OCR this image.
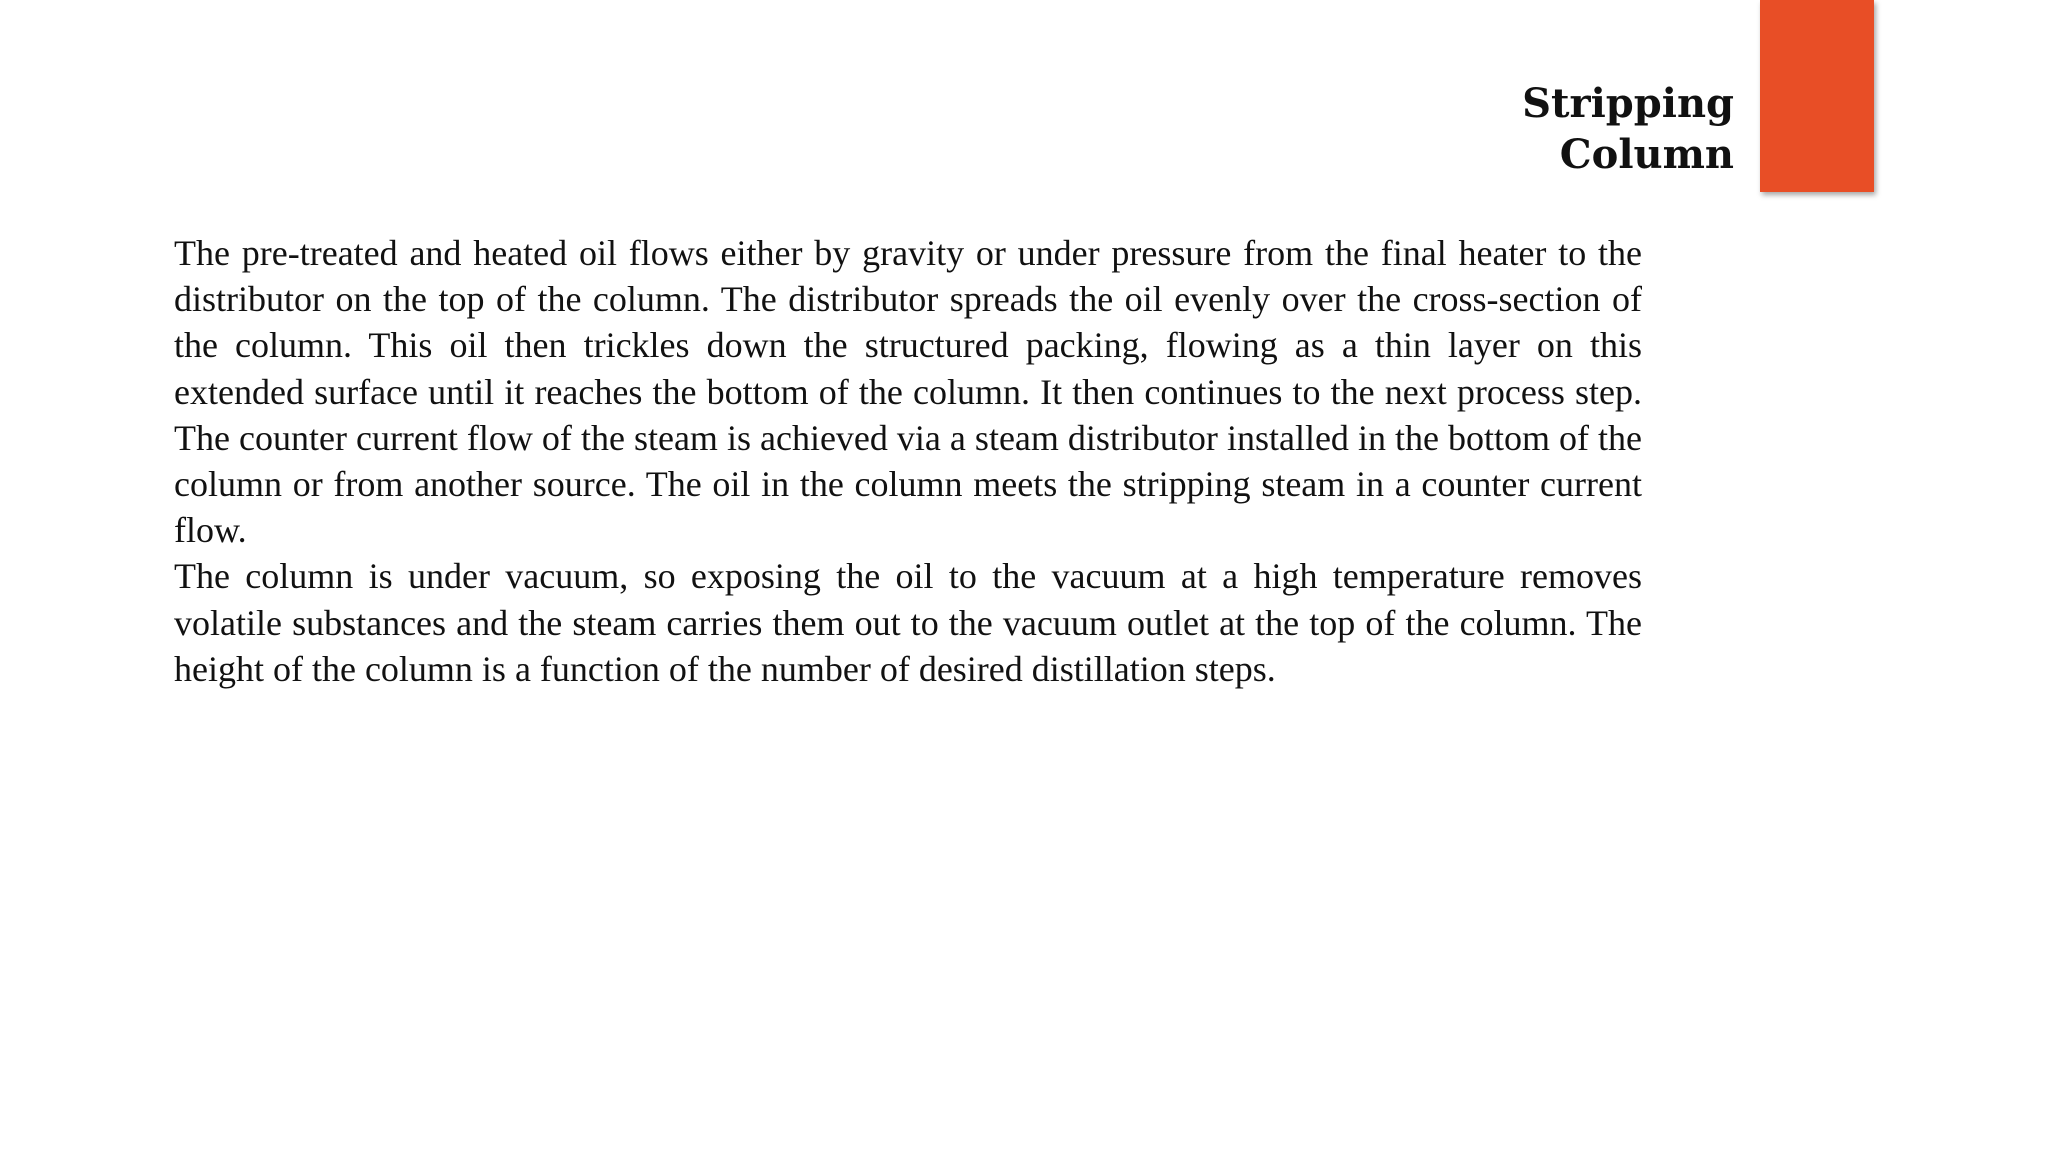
Stripping
Column

The pre-treated and heated oil flows either by gravity or under pressure from the final heater to the distributor on the top of the column. The distributor spreads the oil evenly over the cross-section of the column. This oil then trickles down the structured packing, flowing as a thin layer on this extended surface until it reaches the bottom of the column. It then continues to the next process step. The counter current flow of the steam is achieved via a steam distributor installed in the bottom of the column or from another source. The oil in the column meets the stripping steam in a counter current flow.

The column is under vacuum, so exposing the oil to the vacuum at a high temperature removes volatile substances and the steam carries them out to the vacuum outlet at the top of the column. The height of the column is a function of the number of desired distillation steps.
